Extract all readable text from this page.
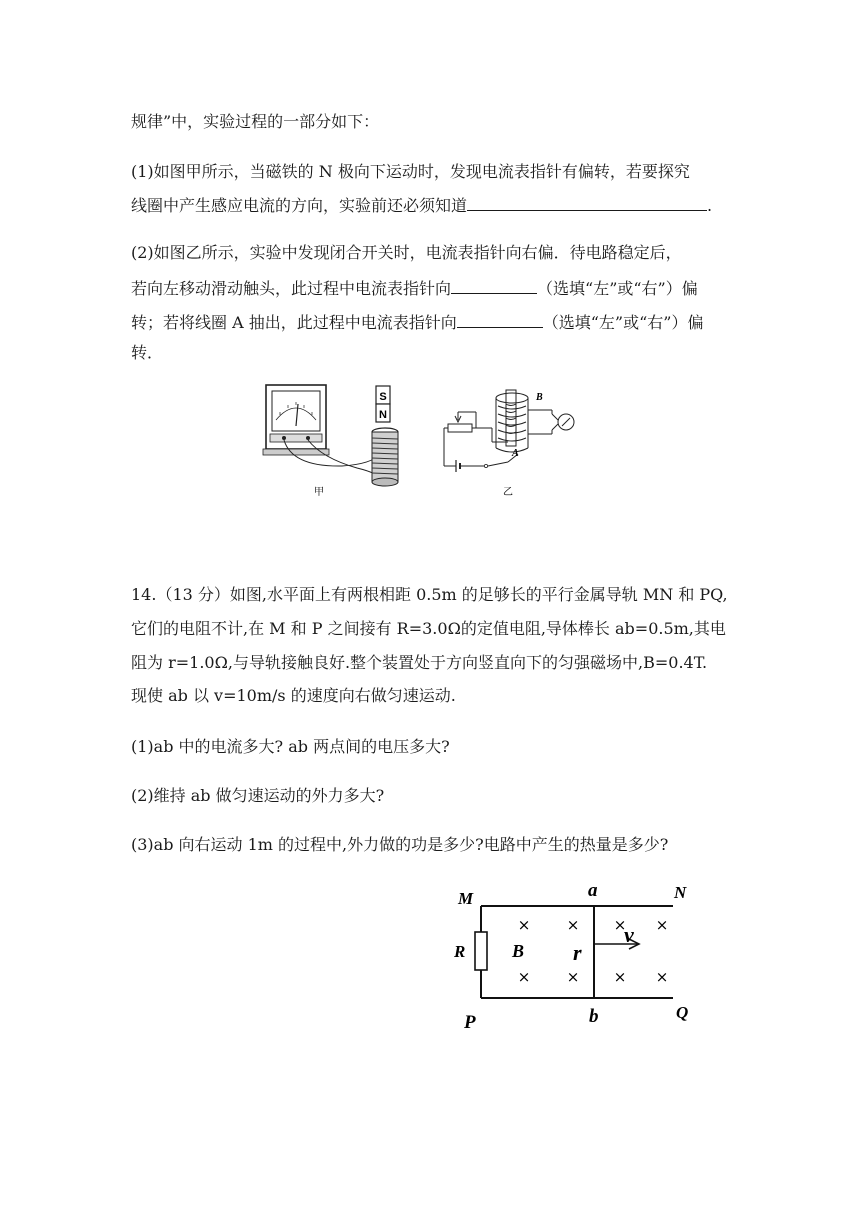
规律”中，实验过程的一部分如下：
(1)如图甲所示，当磁铁的 N 极向下运动时，发现电流表指针有偏转，若要探究
线圈中产生感应电流的方向，实验前还必须知道	.
(2)如图乙所示，实验中发现闭合开关时，电流表指针向右偏．待电路稳定后，
若向左移动滑动触头，此过程中电流表指针向	（选填“左”或“右”）偏
转；若将线圈 A 抽出，此过程中电流表指针向	（选填“左”或“右”）偏
转．
S
N
甲
B
A
乙
14.（13 分）如图,水平面上有两根相距 0.5m 的足够长的平行金属导轨 MN 和 PQ,
它们的电阻不计,在 M 和 P 之间接有 R=3.0Ω的定值电阻,导体棒长 ab=0.5m,其电
阻为 r=1.0Ω,与导轨接触良好.整个装置处于方向竖直向下的匀强磁场中,B=0.4T.
现使 ab 以 v=10m/s 的速度向右做匀速运动.
(1)ab 中的电流多大? ab 两点间的电压多大?
(2)维持 ab 做匀速运动的外力多大?
(3)ab 向右运动 1m 的过程中,外力做的功是多少?电路中产生的热量是多少?
× × × ×
× × × ×
M	N
P	Q
a
b
R	B r
v
